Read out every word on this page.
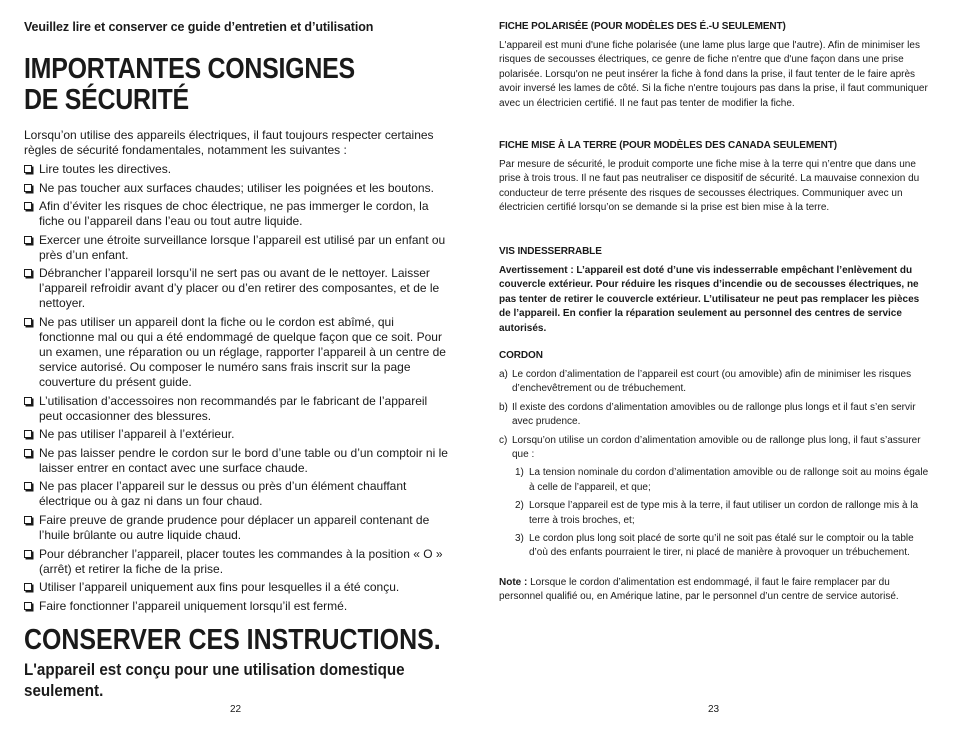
Veuillez lire et conserver ce guide d’entretien et d’utilisation
IMPORTANTES CONSIGNES
DE SÉCURITÉ
Lorsqu’on utilise des appareils électriques, il faut toujours respecter certaines règles de sécurité fondamentales, notamment les suivantes :
Lire toutes les directives.
Ne pas toucher aux surfaces chaudes; utiliser les poignées et les boutons.
Afin d’éviter les risques de choc électrique, ne pas immerger le cordon, la fiche ou l’appareil dans l’eau ou tout autre liquide.
Exercer une étroite surveillance lorsque l’appareil est utilisé par un enfant ou près d’un enfant.
Débrancher l’appareil lorsqu’il ne sert pas ou avant de le nettoyer. Laisser l’appareil refroidir avant d’y placer ou d’en retirer des composantes, et de le nettoyer.
Ne pas utiliser un appareil dont la fiche ou le cordon est abîmé, qui fonctionne mal ou qui a été endommagé de quelque façon que ce soit. Pour un examen, une réparation ou un réglage, rapporter l’appareil à un centre de service autorisé. Ou composer le numéro sans frais inscrit sur la page couverture du présent guide.
L’utilisation d’accessoires non recommandés par le fabricant de l’appareil peut occasionner des blessures.
Ne pas utiliser l’appareil à l’extérieur.
Ne pas laisser pendre le cordon sur le bord d’une table ou d’un comptoir ni le laisser entrer en contact avec une surface chaude.
Ne pas placer l’appareil sur le dessus ou près d’un élément chauffant électrique ou à gaz ni dans un four chaud.
Faire preuve de grande prudence pour déplacer un appareil contenant de l’huile brûlante ou autre liquide chaud.
Pour débrancher l’appareil, placer toutes les commandes à la position « O » (arrêt) et retirer la fiche de la prise.
Utiliser l’appareil uniquement aux fins pour lesquelles il a été conçu.
Faire fonctionner l’appareil uniquement lorsqu’il est fermé.
CONSERVER CES INSTRUCTIONS.
L'appareil est conçu pour une utilisation domestique seulement.
22
FICHE POLARISÉE (POUR MODÈLES DES É.-U SEULEMENT)
L'appareil est muni d'une fiche polarisée (une lame plus large que l'autre). Afin de minimiser les risques de secousses électriques, ce genre de fiche n'entre que d'une façon dans une prise polarisée. Lorsqu'on ne peut insérer la fiche à fond dans la prise, il faut tenter de le faire après avoir inversé les lames de côté. Si la fiche n'entre toujours pas dans la prise, il faut communiquer avec un électricien certifié. Il ne faut pas tenter de modifier la fiche.
FICHE MISE À LA TERRE (POUR MODÈLES DES CANADA SEULEMENT)
Par mesure de sécurité, le produit comporte une fiche mise à la terre qui n’entre que dans une prise à trois trous. Il ne faut pas neutraliser ce dispositif de sécurité. La mauvaise connexion du conducteur de terre présente des risques de secousses électriques. Communiquer avec un électricien certifié lorsqu’on se demande si la prise est bien mise à la terre.
VIS INDESSERRABLE
Avertissement : L’appareil est doté d’une vis indesserrable empêchant l’enlèvement du couvercle extérieur. Pour réduire les risques d’incendie ou de secousses électriques, ne pas tenter de retirer le couvercle extérieur. L’utilisateur ne peut pas remplacer les pièces de l’appareil. En confier la réparation seulement au personnel des centres de service autorisés.
CORDON
a) Le cordon d’alimentation de l’appareil est court (ou amovible) afin de minimiser les risques d’enchevêtrement ou de trébuchement.
b) Il existe des cordons d’alimentation amovibles ou de rallonge plus longs et il faut s’en servir avec prudence.
c) Lorsqu’on utilise un cordon d’alimentation amovible ou de rallonge plus long, il faut s’assurer que :
1) La tension nominale du cordon d’alimentation amovible ou de rallonge soit au moins égale à celle de l’appareil, et que;
2) Lorsque l’appareil est de type mis à la terre, il faut utiliser un cordon de rallonge mis à la terre à trois broches, et;
3) Le cordon plus long soit placé de sorte qu’il ne soit pas étalé sur le comptoir ou la table d’où des enfants pourraient le tirer, ni placé de manière à provoquer un trébuchement.
Note : Lorsque le cordon d’alimentation est endommagé, il faut le faire remplacer par du personnel qualifié ou, en Amérique latine, par le personnel d’un centre de service autorisé.
23
